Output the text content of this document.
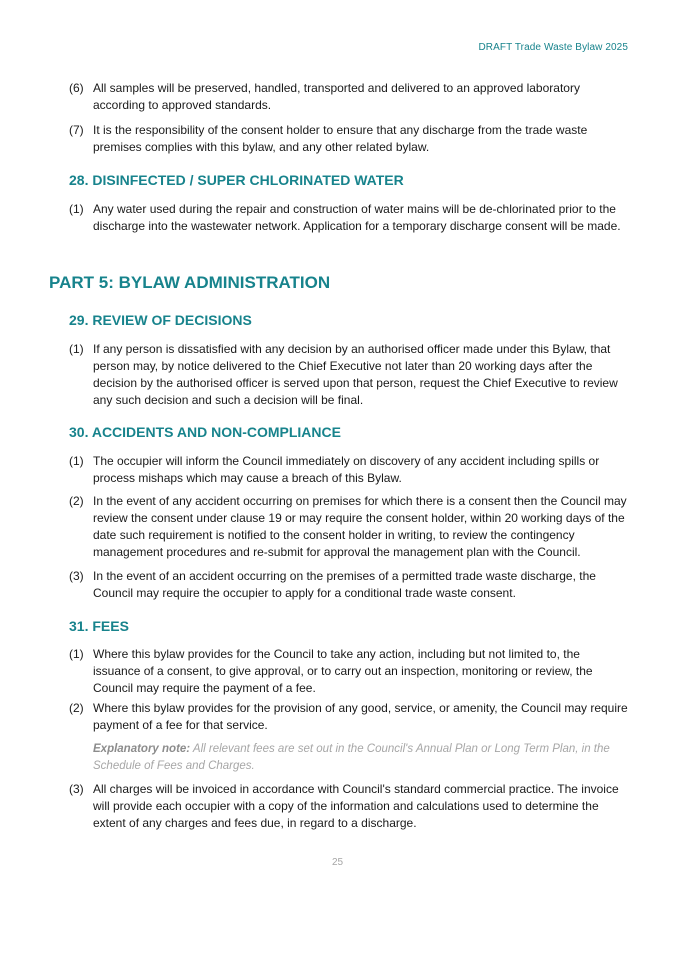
DRAFT Trade Waste Bylaw 2025

(6) All samples will be preserved, handled, transported and delivered to an approved laboratory according to approved standards.

(7) It is the responsibility of the consent holder to ensure that any discharge from the trade waste premises complies with this bylaw, and any other related bylaw.

28. DISINFECTED / SUPER CHLORINATED WATER

(1) Any water used during the repair and construction of water mains will be de-chlorinated prior to the discharge into the wastewater network. Application for a temporary discharge consent will be made.

PART 5: BYLAW ADMINISTRATION
29. REVIEW OF DECISIONS

(1) If any person is dissatisfied with any decision by an authorised officer made under this Bylaw, that person may, by notice delivered to the Chief Executive not later than 20 working days after the decision by the authorised officer is served upon that person, request the Chief Executive to review any such decision and such a decision will be final.

30. ACCIDENTS AND NON-COMPLIANCE

(1) The occupier will inform the Council immediately on discovery of any accident including spills or process mishaps which may cause a breach of this Bylaw.

(2) In the event of any accident occurring on premises for which there is a consent then the Council may review the consent under clause 19 or may require the consent holder, within 20 working days of the date such requirement is notified to the consent holder in writing, to review the contingency management procedures and re-submit for approval the management plan with the Council.

(3) In the event of an accident occurring on the premises of a permitted trade waste discharge, the Council may require the occupier to apply for a conditional trade waste consent.

31. FEES

(1) Where this bylaw provides for the Council to take any action, including but not limited to, the issuance of a consent, to give approval, or to carry out an inspection, monitoring or review, the Council may require the payment of a fee.

(2) Where this bylaw provides for the provision of any good, service, or amenity, the Council may require payment of a fee for that service.

Explanatory note: All relevant fees are set out in the Council's Annual Plan or Long Term Plan, in the Schedule of Fees and Charges.

(3) All charges will be invoiced in accordance with Council's standard commercial practice. The invoice will provide each occupier with a copy of the information and calculations used to determine the extent of any charges and fees due, in regard to a discharge.

25
